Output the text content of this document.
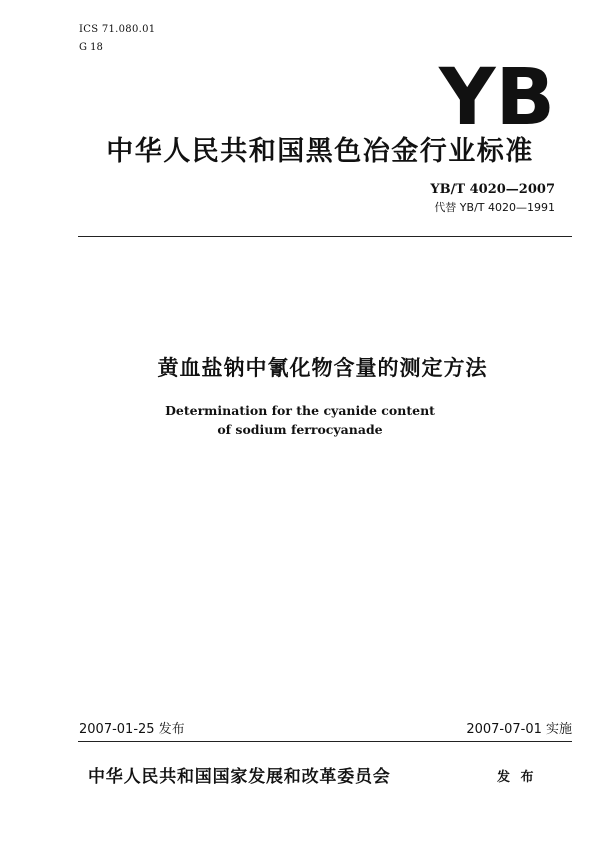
ICS 71.080.01
G 18
YB
中华人民共和国黑色冶金行业标准
YB/T 4020—2007
代替 YB/T 4020—1991
黄血盐钠中氰化物含量的测定方法
Determination for the cyanide content
of sodium ferrocyanade
2007-01-25 发布	2007-07-01 实施
中华人民共和国国家发展和改革委员会	发 布
